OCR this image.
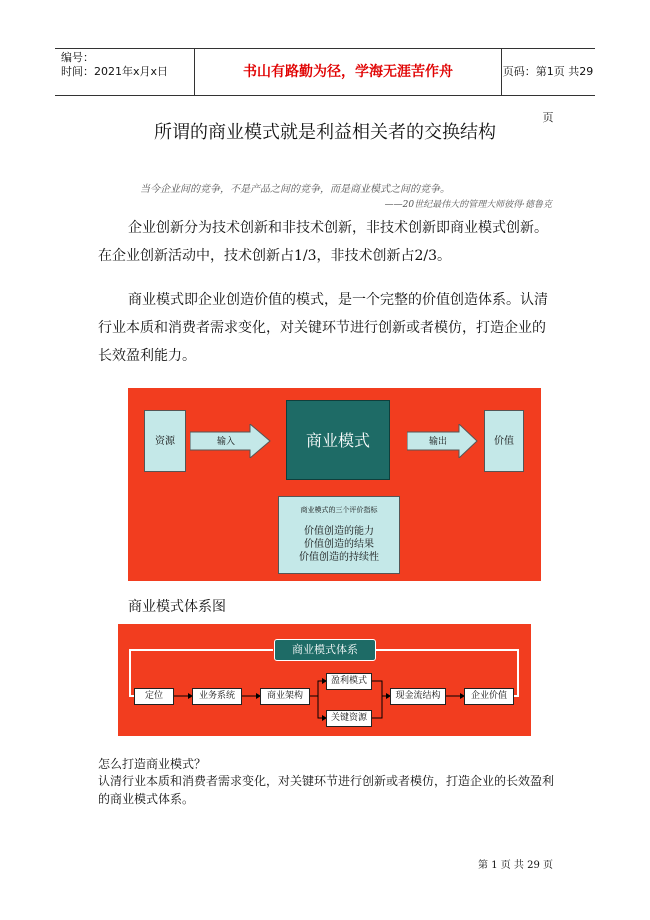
编号：
时间：2021年x月x日	书山有路勤为径，学海无涯苦作舟	页码：第1页 共29页
所谓的商业模式就是利益相关者的交换结构
当今企业间的竞争，不是产品之间的竞争，而是商业模式之间的竞争。
——20世纪最伟大的管理大师彼得·德鲁克
企业创新分为技术创新和非技术创新，非技术创新即商业模式创新。在企业创新活动中，技术创新占1/3，非技术创新占2/3。
商业模式即企业创造价值的模式，是一个完整的价值创造体系。认清行业本质和消费者需求变化，对关键环节进行创新或者模仿，打造企业的长效盈利能力。
资源	输入	商业模式	输出	价值
商业模式的三个评价指标
价值创造的能力
价值创造的结果
价值创造的持续性
商业模式体系图
商业模式体系
定位	业务系统	商业架构
盈利模式
关键资源
现金流结构	企业价值
怎么打造商业模式？
认清行业本质和消费者需求变化，对关键环节进行创新或者模仿，打造企业的长效盈利的商业模式体系。
第 1 页 共 29 页
